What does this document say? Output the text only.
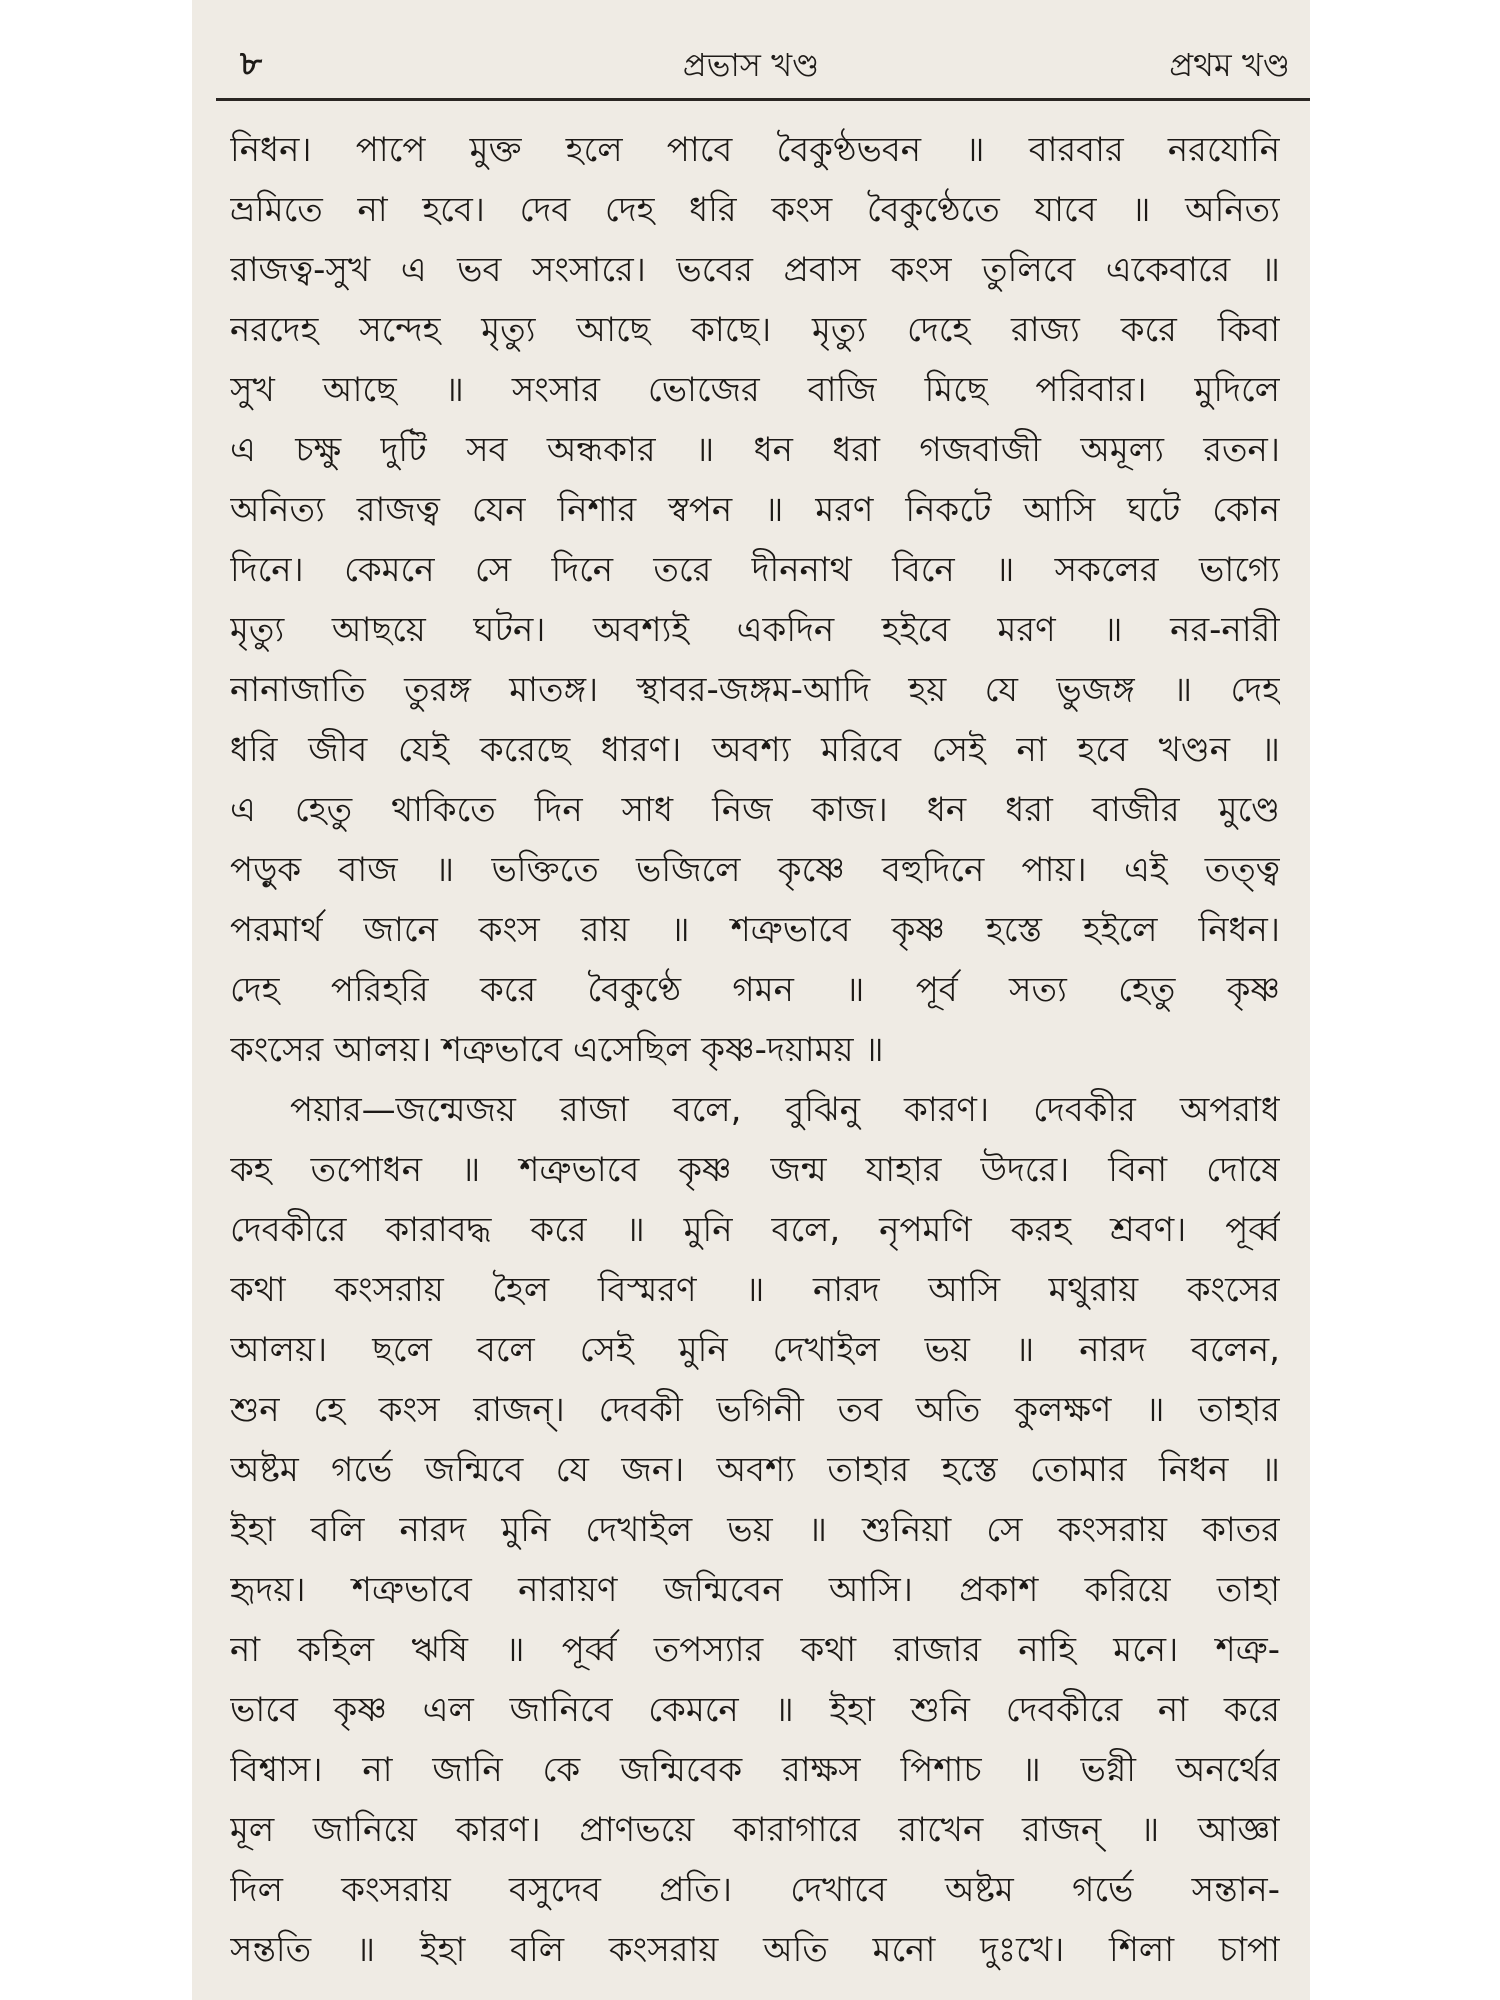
৮	প্রভাস খণ্ড	প্রথম খণ্ড
নিধন। পাপে মুক্ত হলে পাবে বৈকুণ্ঠভবন ॥ বারবার নরযোনি
ভ্রমিতে না হবে। দেব দেহ ধরি কংস বৈকুণ্ঠেতে যাবে ॥ অনিত্য
রাজত্ব-সুখ এ ভব সংসারে। ভবের প্রবাস কংস তুলিবে একেবারে ॥
নরদেহ সন্দেহ মৃত্যু আছে কাছে। মৃত্যু দেহে রাজ্য করে কিবা
সুখ আছে ॥ সংসার ভোজের বাজি মিছে পরিবার। মুদিলে
এ চক্ষু দুটি সব অন্ধকার ॥ ধন ধরা গজবাজী অমূল্য রতন।
অনিত্য রাজত্ব যেন নিশার স্বপন ॥ মরণ নিকটে আসি ঘটে কোন
দিনে। কেমনে সে দিনে তরে দীননাথ বিনে ॥ সকলের ভাগ্যে
মৃত্যু আছয়ে ঘটন। অবশ্যই একদিন হইবে মরণ ॥ নর-নারী
নানাজাতি তুরঙ্গ মাতঙ্গ। স্থাবর-জঙ্গম-আদি হয় যে ভুজঙ্গ ॥ দেহ
ধরি জীব যেই করেছে ধারণ। অবশ্য মরিবে সেই না হবে খণ্ডন ॥
এ হেতু থাকিতে দিন সাধ নিজ কাজ। ধন ধরা বাজীর মুণ্ডে
পড়ুক বাজ ॥ ভক্তিতে ভজিলে কৃষ্ণে বহুদিনে পায়। এই তত্ত্ব
পরমার্থ জানে কংস রায় ॥ শত্রুভাবে কৃষ্ণ হস্তে হইলে নিধন।
দেহ পরিহরি করে বৈকুণ্ঠে গমন ॥ পূর্ব সত্য হেতু কৃষ্ণ
কংসের আলয়। শত্রুভাবে এসেছিল কৃষ্ণ-দয়াময় ॥
পয়ার—জন্মেজয় রাজা বলে, বুঝিনু কারণ। দেবকীর অপরাধ
কহ তপোধন ॥ শত্রুভাবে কৃষ্ণ জন্ম যাহার উদরে। বিনা দোষে
দেবকীরে কারাবদ্ধ করে ॥ মুনি বলে, নৃপমণি করহ শ্রবণ। পূর্ব্ব
কথা কংসরায় হৈল বিস্মরণ ॥ নারদ আসি মথুরায় কংসের
আলয়। ছলে বলে সেই মুনি দেখাইল ভয় ॥ নারদ বলেন,
শুন হে কংস রাজন্। দেবকী ভগিনী তব অতি কুলক্ষণ ॥ তাহার
অষ্টম গর্ভে জন্মিবে যে জন। অবশ্য তাহার হস্তে তোমার নিধন ॥
ইহা বলি নারদ মুনি দেখাইল ভয় ॥ শুনিয়া সে কংসরায় কাতর
হৃদয়। শত্রুভাবে নারায়ণ জন্মিবেন আসি। প্রকাশ করিয়ে তাহা
না কহিল ঋষি ॥ পূর্ব্ব তপস্যার কথা রাজার নাহি মনে। শত্রু-
ভাবে কৃষ্ণ এল জানিবে কেমনে ॥ ইহা শুনি দেবকীরে না করে
বিশ্বাস। না জানি কে জন্মিবেক রাক্ষস পিশাচ ॥ ভগ্নী অনর্থের
মূল জানিয়ে কারণ। প্রাণভয়ে কারাগারে রাখেন রাজন্ ॥ আজ্ঞা
দিল কংসরায় বসুদেব প্রতি। দেখাবে অষ্টম গর্ভে সন্তান-
সন্ততি ॥ ইহা বলি কংসরায় অতি মনো দুঃখে। শিলা চাপা
